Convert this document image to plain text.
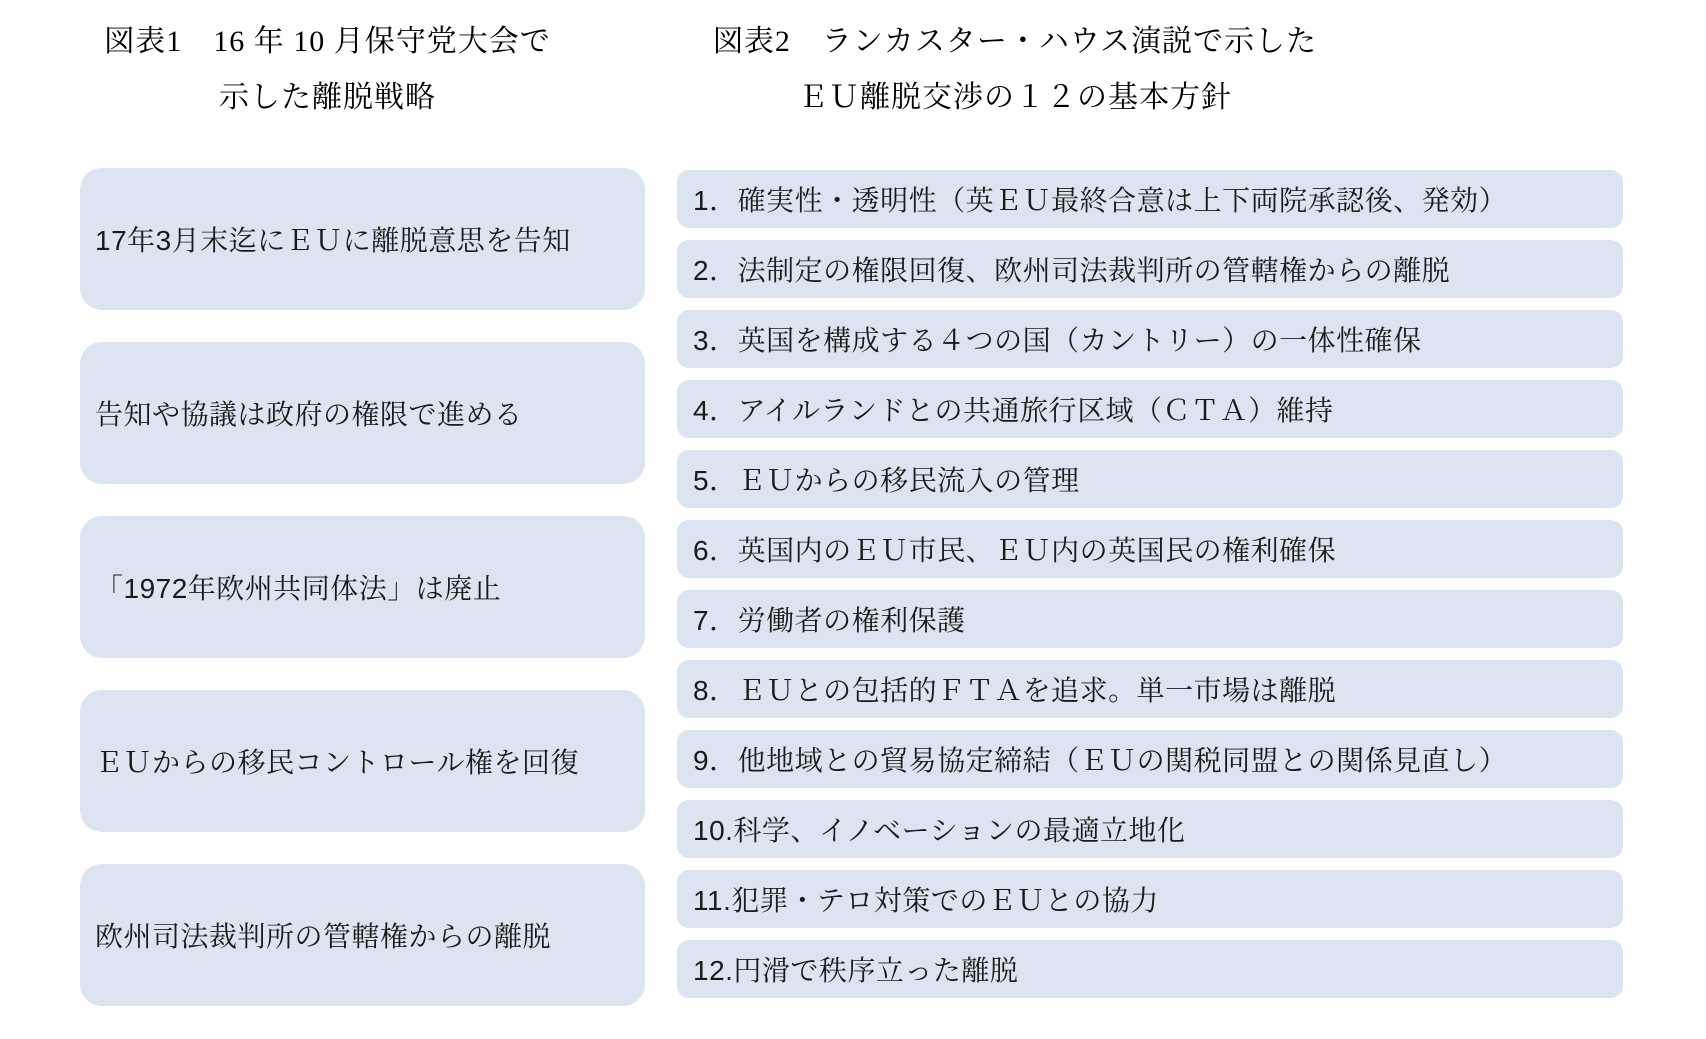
図表1　16 年 10 月保守党大会で
示した離脱戦略
図表2　ランカスター・ハウス演説で示した
ＥＵ離脱交渉の１２の基本方針
17年3月末迄にＥＵに離脱意思を告知
告知や協議は政府の権限で進める
「1972年欧州共同体法」は廃止
ＥＵからの移民コントロール権を回復
欧州司法裁判所の管轄権からの離脱
1．確実性・透明性（英ＥＵ最終合意は上下両院承認後、発効）
2．法制定の権限回復、欧州司法裁判所の管轄権からの離脱
3．英国を構成する４つの国（カントリー）の一体性確保
4．アイルランドとの共通旅行区域（ＣＴＡ）維持
5．ＥＵからの移民流入の管理
6．英国内のＥＵ市民、ＥＵ内の英国民の権利確保
7．労働者の権利保護
8．ＥＵとの包括的ＦＴＡを追求。単一市場は離脱
9．他地域との貿易協定締結（ＥＵの関税同盟との関係見直し）
10.科学、イノベーションの最適立地化
11.犯罪・テロ対策でのＥＵとの協力
12.円滑で秩序立った離脱
